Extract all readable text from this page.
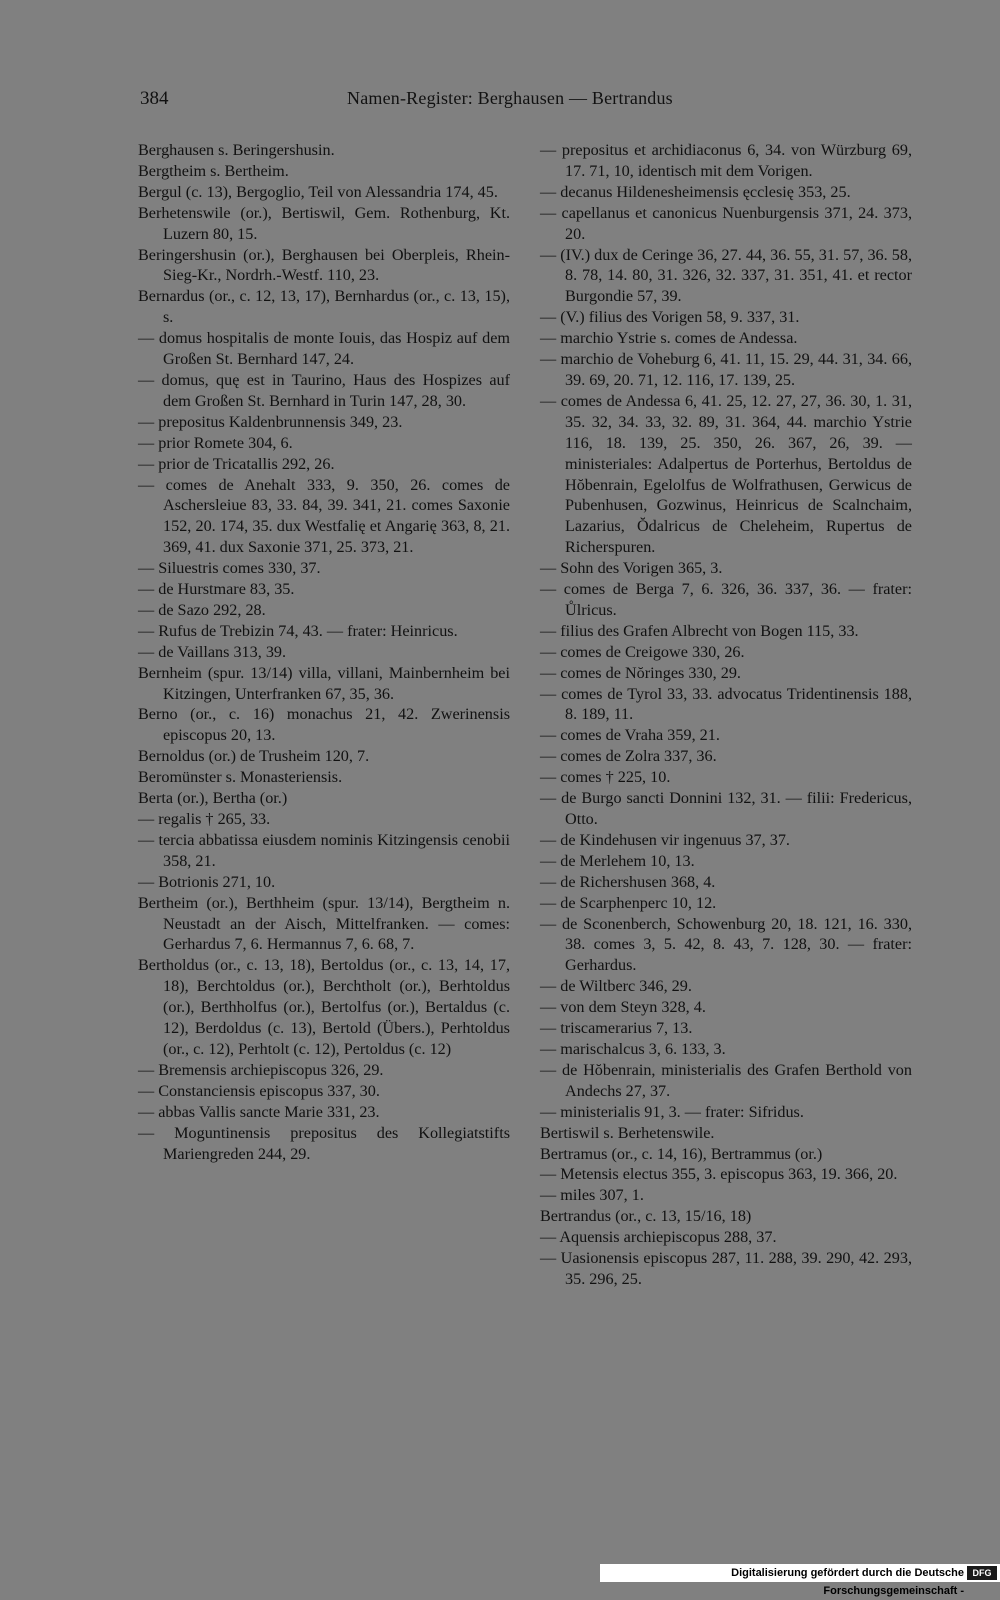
384	Namen-Register: Berghausen — Bertrandus

Berghausen s. Beringershusin.

Bergtheim s. Bertheim.

Bergul (c. 13), Bergoglio, Teil von Alessandria 174, 45.

Berhetenswile (or.), Bertiswil, Gem. Rothenburg, Kt. Luzern 80, 15.

Beringershusin (or.), Berghausen bei Oberpleis, Rhein-Sieg-Kr., Nordrh.-Westf. 110, 23.

Bernardus (or., c. 12, 13, 17), Bernhardus (or., c. 13, 15), s.

— domus hospitalis de monte Iouis, das Hospiz auf dem Großen St. Bernhard 147, 24.

— domus, quę est in Taurino, Haus des Hospizes auf dem Großen St. Bernhard in Turin 147, 28, 30.

— prepositus Kaldenbrunnensis 349, 23.

— prior Romete 304, 6.

— prior de Tricatallis 292, 26.

— comes de Anehalt 333, 9. 350, 26. comes de Aschersleiue 83, 33. 84, 39. 341, 21. comes Saxonie 152, 20. 174, 35. dux Westfalię et Angarię 363, 8, 21. 369, 41. dux Saxonie 371, 25. 373, 21.

— Siluestris comes 330, 37.

— de Hurstmare 83, 35.

— de Sazo 292, 28.

— Rufus de Trebizin 74, 43. — frater: Heinricus.

— de Vaillans 313, 39.

Bernheim (spur. 13/14) villa, villani, Mainbernheim bei Kitzingen, Unterfranken 67, 35, 36.

Berno (or., c. 16) monachus 21, 42. Zwerinensis episcopus 20, 13.

Bernoldus (or.) de Trusheim 120, 7.

Beromünster s. Monasteriensis.

Berta (or.), Bertha (or.)

— regalis † 265, 33.

— tercia abbatissa eiusdem nominis Kitzingensis cenobii 358, 21.

— Botrionis 271, 10.

Bertheim (or.), Berthheim (spur. 13/14), Bergtheim n. Neustadt an der Aisch, Mittelfranken. — comes: Gerhardus 7, 6. Hermannus 7, 6. 68, 7.

Bertholdus (or., c. 13, 18), Bertoldus (or., c. 13, 14, 17, 18), Berchtoldus (or.), Berchtholt (or.), Berhtoldus (or.), Berthholfus (or.), Bertolfus (or.), Bertaldus (c. 12), Berdoldus (c. 13), Bertold (Übers.), Perhtoldus (or., c. 12), Perhtolt (c. 12), Pertoldus (c. 12)

— Bremensis archiepiscopus 326, 29.

— Constanciensis episcopus 337, 30.

— abbas Vallis sancte Marie 331, 23.

— Moguntinensis prepositus des Kollegiatstifts Mariengreden 244, 29.

— prepositus et archidiaconus 6, 34. von Würzburg 69, 17. 71, 10, identisch mit dem Vorigen.

— decanus Hildenesheimensis ęcclesię 353, 25.

— capellanus et canonicus Nuenburgensis 371, 24. 373, 20.

— (IV.) dux de Ceringe 36, 27. 44, 36. 55, 31. 57, 36. 58, 8. 78, 14. 80, 31. 326, 32. 337, 31. 351, 41. et rector Burgondie 57, 39.

— (V.) filius des Vorigen 58, 9. 337, 31.

— marchio Ystrie s. comes de Andessa.

— marchio de Voheburg 6, 41. 11, 15. 29, 44. 31, 34. 66, 39. 69, 20. 71, 12. 116, 17. 139, 25.

— comes de Andessa 6, 41. 25, 12. 27, 27, 36. 30, 1. 31, 35. 32, 34. 33, 32. 89, 31. 364, 44. marchio Ystrie 116, 18. 139, 25. 350, 26. 367, 26, 39. — ministeriales: Adalpertus de Porterhus, Bertoldus de Hŏbenrain, Egelolfus de Wolfrathusen, Gerwicus de Pubenhusen, Gozwinus, Heinricus de Scalnchaim, Lazarius, Ŏdalricus de Cheleheim, Rupertus de Richerspuren.

— Sohn des Vorigen 365, 3.

— comes de Berga 7, 6. 326, 36. 337, 36. — frater: Ůlricus.

— filius des Grafen Albrecht von Bogen 115, 33.

— comes de Creigowe 330, 26.

— comes de Nŏringes 330, 29.

— comes de Tyrol 33, 33. advocatus Tridentinensis 188, 8. 189, 11.

— comes de Vraha 359, 21.

— comes de Zolra 337, 36.

— comes † 225, 10.

— de Burgo sancti Donnini 132, 31. — filii: Fredericus, Otto.

— de Kindehusen vir ingenuus 37, 37.

— de Merlehem 10, 13.

— de Richershusen 368, 4.

— de Scarphenperc 10, 12.

— de Sconenberch, Schowenburg 20, 18. 121, 16. 330, 38. comes 3, 5. 42, 8. 43, 7. 128, 30. — frater: Gerhardus.

— de Wiltberc 346, 29.

— von dem Steyn 328, 4.

— triscamerarius 7, 13.

— marischalcus 3, 6. 133, 3.

— de Hŏbenrain, ministerialis des Grafen Berthold von Andechs 27, 37.

— ministerialis 91, 3. — frater: Sifridus.

Bertiswil s. Berhetenswile.

Bertramus (or., c. 14, 16), Bertrammus (or.)

— Metensis electus 355, 3. episcopus 363, 19. 366, 20.

— miles 307, 1.

Bertrandus (or., c. 13, 15/16, 18)

— Aquensis archiepiscopus 288, 37.

— Uasionensis episcopus 287, 11. 288, 39. 290, 42. 293, 35. 296, 25.

Digitalisierung gefördert durch die Deutsche Forschungsgemeinschaft -
DFG
